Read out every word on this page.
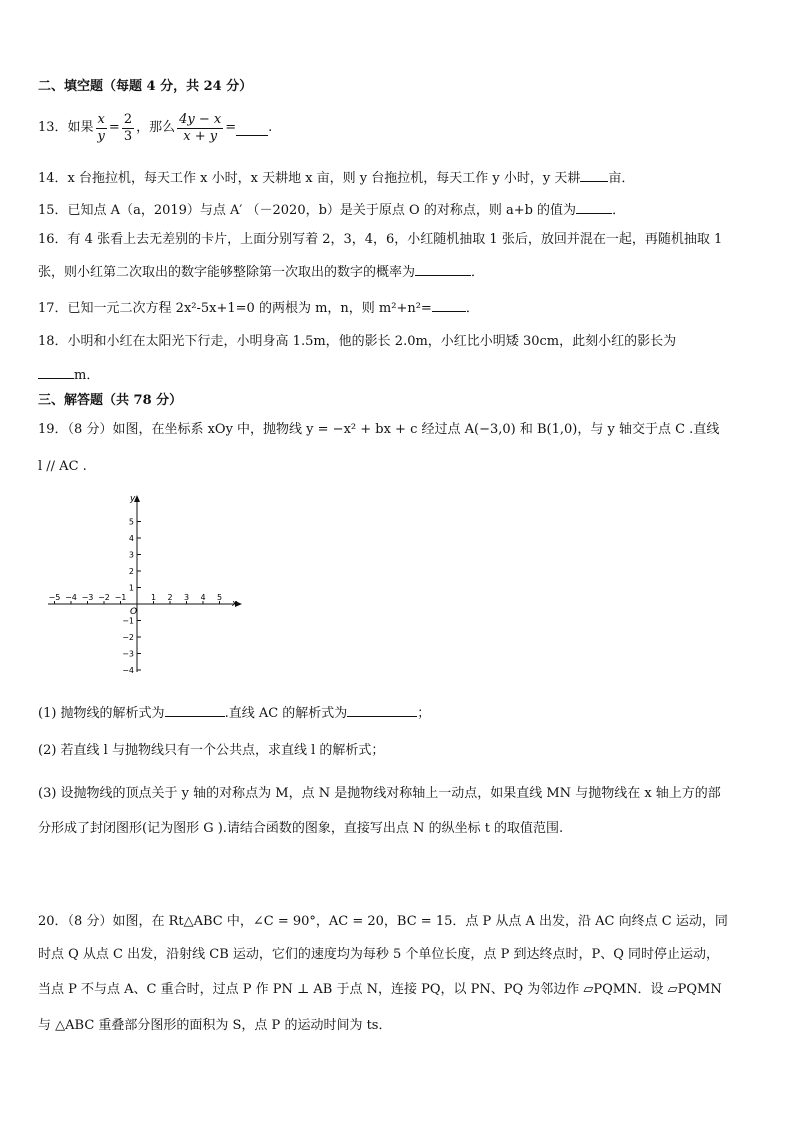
二、填空题（每题 4 分，共 24 分）
13．如果 $\frac{x}{y} = \frac{2}{3}$ ，那么 $\frac{4y - x}{x + y}$ = .
14．x 台拖拉机，每天工作 x 小时，x 天耕地 x 亩，则 y 台拖拉机，每天工作 y 小时，y 天耕 亩．
15．已知点 A（a，2019）与点 A′ （－2020，b）是关于原点 O 的对称点，则 a+b 的值为	．
16．有 4 张看上去无差别的卡片，上面分别写着 2，3，4，6，小红随机抽取 1 张后，放回并混在一起，再随机抽取 1
张，则小红第二次取出的数字能够整除第一次取出的数字的概率为	．
17．已知一元二次方程 2x²-5x+1=0 的两根为 m，n，则 m²+n²=	．
18．小明和小红在太阳光下行走，小明身高 1.5m，他的影长 2.0m，小红比小明矮 30cm，此刻小红的影长为
m．
三、解答题（共 78 分）
19．（8 分）如图，在坐标系 xOy 中，抛物线 y = −x² + bx + c 经过点 A(−3,0) 和 B(1,0)，与 y 轴交于点 C .直线
l // AC .
x
y
O
−5 −4 −3 −2 −1	1 2 3 4 5
5
4
3
2
1
−1
−2
−3
−4
(1) 抛物线的解析式为	.直线 AC 的解析式为	；
(2) 若直线 l 与抛物线只有一个公共点，求直线 l 的解析式；
(3) 设抛物线的顶点关于 y 轴的对称点为 M，点 N 是抛物线对称轴上一动点，如果直线 MN 与抛物线在 x 轴上方的部
分形成了封闭图形(记为图形 G ).请结合函数的图象，直接写出点 N 的纵坐标 t 的取值范围.
20．（8 分）如图，在 Rt△ABC 中，∠C = 90°，AC = 20，BC = 15．点 P 从点 A 出发，沿 AC 向终点 C 运动，同
时点 Q 从点 C 出发，沿射线 CB 运动，它们的速度均为每秒 5 个单位长度，点 P 到达终点时，P、Q 同时停止运动，
当点 P 不与点 A、C 重合时，过点 P 作 PN ⊥ AB 于点 N，连接 PQ，以 PN、PQ 为邻边作 ▱PQMN．设 ▱PQMN
与 △ABC 重叠部分图形的面积为 S，点 P 的运动时间为 ts．
